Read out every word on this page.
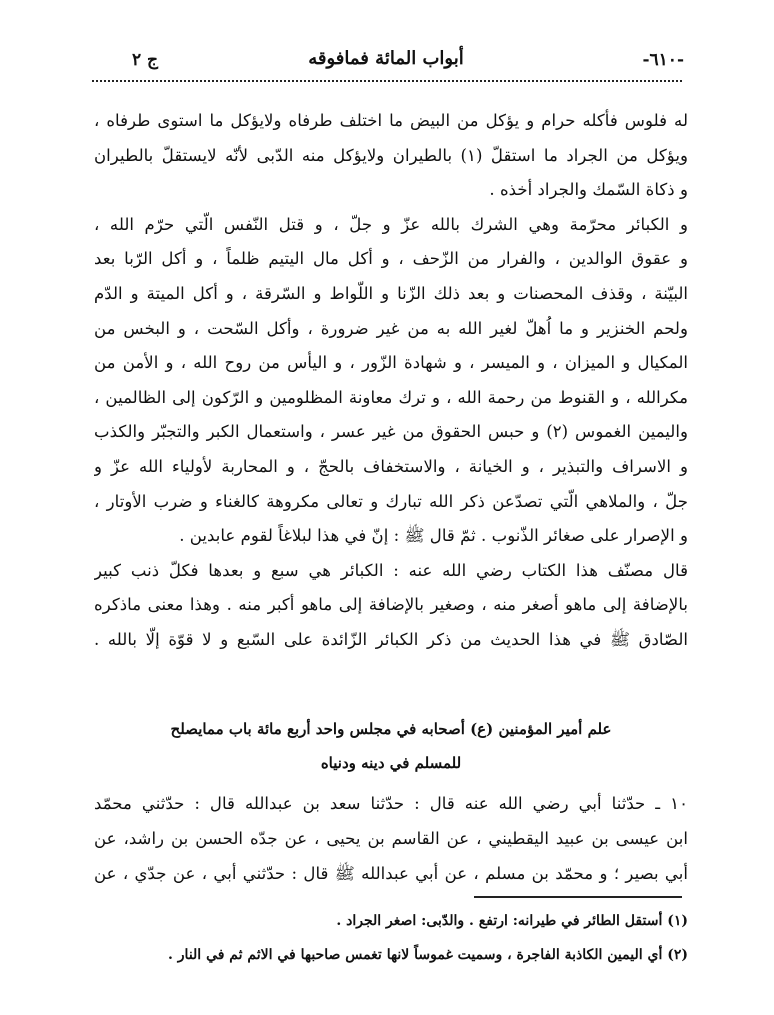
-٦١٠-
أبواب المائة فمافوقه
ج ٢
له فلوس فأكله حرام و يؤكل من البيض ما اختلف طرفاه ولايؤكل ما استوى طرفاه ،
ويؤكل من الجراد ما استقلّ (١) بالطيران ولايؤكل منه الدّبى لأنّه لايستقلّ بالطيران
و ذكاة السّمك والجراد أخذه .
و الكبائر محرّمة وهي الشرك بالله عزّ و جلّ ، و قتل النّفس الّتي حرّم الله ،
و عقوق الوالدين ، والفرار من الزّحف ، و أكل مال اليتيم ظلماً ، و أكل الرّبا بعد
البيّنة ، وقذف المحصنات و بعد ذلك الزّنا و اللّواط و السّرقة ، و أكل الميتة و الدّم
ولحم الخنزير و ما اُهلّ لغير الله به من غير ضرورة ، وأكل السّحت ، و البخس من
المكيال و الميزان ، و الميسر ، و شهادة الزّور ، و اليأس من روح الله ، و الأمن من
مكرالله ، و القنوط من رحمة الله ، و ترك معاونة المظلومين و الرّكون إلى الظالمين ،
واليمين الغموس (٢) و حبس الحقوق من غير عسر ، واستعمال الكبر والتجبّر والكذب
و الاسراف والتبذير ، و الخيانة ، والاستخفاف بالحجّ ، و المحاربة لأولياء الله عزّ و
جلّ ، والملاهي الّتي تصدّعن ذكر الله تبارك و تعالى مكروهة كالغناء و ضرب الأوتار ،
و الإصرار على صغائر الذّنوب . ثمّ قال ﷺ : إنّ في هذا لبلاغاً لقوم عابدين .
قال مصنّف هذا الكتاب رضي الله عنه : الكبائر هي سبع و بعدها فكلّ ذنب كبير
بالإضافة إلى ماهو أصغر منه ، وصغير بالإضافة إلى ماهو أكبر منه . وهذا معنى ماذكره
الصّادق ﷺ في هذا الحديث من ذكر الكبائر الزّائدة على السّبع و لا قوّة إلّا بالله .
علم أمير المؤمنين (ع) أصحابه في مجلس واحد أربع مائة باب ممايصلح
للمسلم في دينه ودنياه
١٠ ـ حدّثنا أبي رضي الله عنه قال : حدّثنا سعد بن عبدالله قال : حدّثني محمّد
ابن عيسى بن عبيد اليقطيني ، عن القاسم بن يحيى ، عن جدّه الحسن بن راشد، عن
أبي بصير ؛ و محمّد بن مسلم ، عن أبي عبدالله ﷺ قال : حدّثني أبي ، عن جدّي ، عن
(١) أستقل الطائر في طيرانه: ارتفع . والدّبى: اصغر الجراد .
(٢) أي اليمين الكاذبة الفاجرة ، وسميت غموساً لانها تغمس صاحبها في الاثم ثم في النار .
